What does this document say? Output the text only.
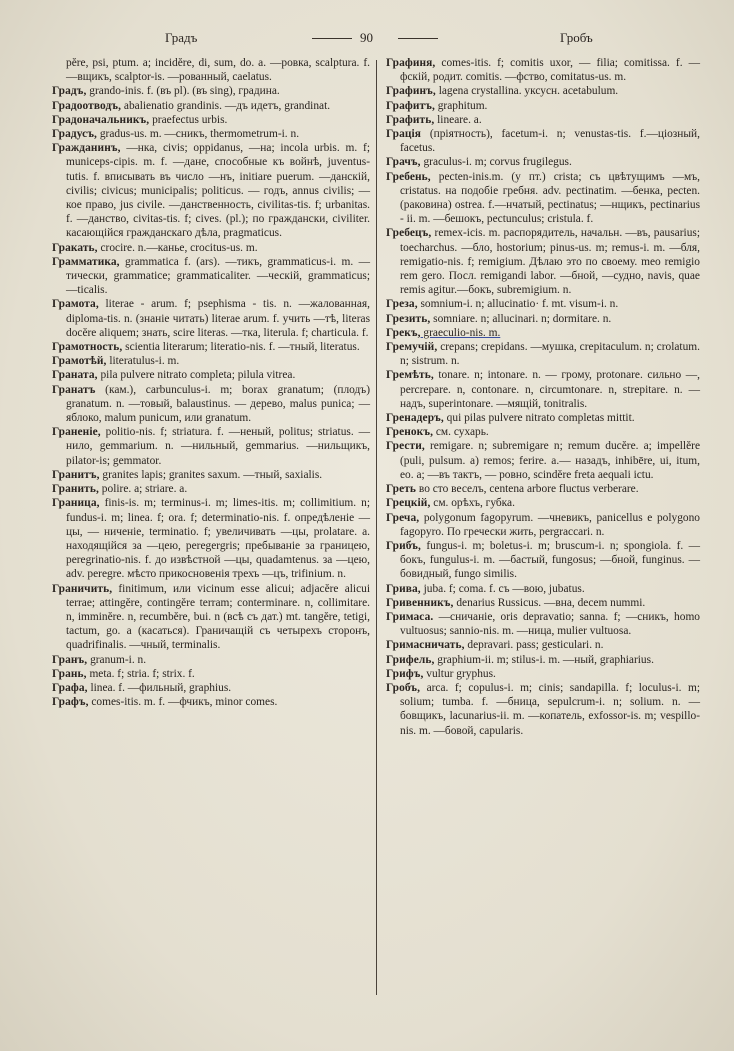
Градъ	90	Гробъ

pĕre, psi, ptum. a; incidĕre, di, sum, do. a. —ровка, scalptura. f. —вщикъ, scalptor-is. —рованный, caelatus.

Градъ, grando-inis. f. (въ pl). (въ sing), градина.

Градоотводъ, abalienatio grandinis. —дъ идетъ, grandinat.

Градоначальникъ, praefectus urbis.

Градусъ, gradus-us. m. —сникъ, thermometrum-i. n.

Гражданинъ, —нка, civis; oppidanus, —на; incola urbis. m. f; municeps-cipis. m. f. —дане, способные къ войнѣ, juventus-tutis. f. вписывать въ число —нъ, initiare puerum. —данскій, civilis; civicus; municipalis; politicus. — годъ, annus civilis; —кое право, jus civile. —данственность, civilitas-tis. f; urbanitas. f. —данство, civitas-tis. f; cives. (pl.); по граждански, civiliter. касающійся гражданскаго дѣла, pragmaticus.

Гракать, crocire. n.—канье, crocitus-us. m.

Грамматика, grammatica f. (ars). —тикъ, grammaticus-i. m. —тически, grammatice; grammaticaliter. —ческій, grammaticus; —ticalis.

Грамота, literae - arum. f; psephisma - tis. n. —жалованная, diploma-tis. n. (знаніе читать) literae arum. f. учить —тѣ, literas docĕre aliquem; знать, scire literas. —тка, literula. f; charticula. f.

Грамотность, scientia literarum; literatio-nis. f. —тный, literatus.

Грамотѣй, literatulus-i. m.

Граната, pila pulvere nitrato completa; pilula vitrea.

Гранатъ (кам.), carbunculus-i. m; borax granatum; (плодъ) granatum. n. —товый, balaustinus. — дерево, malus punica; — яблоко, malum punicum, или granatum.

Граненіе, politio-nis. f; striatura. f. —неный, politus; striatus. —нило, gemmarium. n. —нильный, gemmarius. —нильщикъ, pilator-is; gemmator.

Гранитъ, granites lapis; granites saxum. —тный, saxialis.

Гранить, polire. a; striare. a.

Граница, finis-is. m; terminus-i. m; limes-itis. m; collimitium. n; fundus-i. m; linea. f; ora. f; determinatio-nis. f. опредѣленіе —цы, — ниченіе, terminatio. f; увеличивать —цы, prolatare. a. находящійся за —цею, peregergris; пребываніе за границею, peregrinatio-nis. f. до извѣстной —цы, quadamtenus. за —цею, adv. peregre. мѣсто прикосновенія трехъ —цъ, trifinium. n.

Граничить, finitimum, или vicinum esse alicui; adjacĕre alicui terrae; attingĕre, contingĕre terram; conterminare. n, collimitare. n, imminĕre. n, recumbĕre, bui. n (всѣ съ дат.) mt. tangĕre, tetigi, tactum, go. a (касаться). Граничащій съ четырехъ сторонъ, quadrifinalis. —чный, terminalis.

Гранъ, granum-i. n.

Грань, meta. f; stria. f; strix. f.

Графа, linea. f. —фильный, graphius.

Графъ, comes-itis. m. f. —фчикъ, minor comes.

Графиня, comes-itis. f; comitis uxor, — filia; comitissa. f. —фскій, родит. comitis. —фство, comitatus-us. m.

Графинъ, lagena crystallina. уксусн. acetabulum.

Графитъ, graphitum.

Графить, lineare. a.

Грація (пріятность), facetum-i. n; venustas-tis. f.—ціозный, facetus.

Грачъ, graculus-i. m; corvus frugilegus.

Гребень, pecten-inis.m. (у пт.) crista; съ цвѣтущимъ —мъ, cristatus. на подобіе гребня. adv. pectinatim. —бенка, pecten. (раковина) ostrea. f.—нчатый, pectinatus; —нщикъ, pectinarius - ii. m. —бешокъ, pectunculus; cristula. f.

Гребецъ, remex-icis. m. распорядитель, начальн. —въ, pausarius; toecharchus. —бло, hostorium; pinus-us. m; remus-i. m. —бля, remigatio-nis. f; remigium. Дѣлаю это по своему. meo remigio rem gero. Посл. remigandi labor. —бной, —судно, navis, quae remis agitur.—бокъ, subremigium. n.

Греза, somnium-i. n; allucinatio· f. mt. visum-i. n.

Грезить, somniare. n; allucinari. n; dormitare. n.

Грекъ, graeculio-nis. m.

Гремучій, crepans; crepidans. —мушка, crepitaculum. n; crolatum. n; sistrum. n.

Гремѣть, tonare. n; intonare. n. — грому, protonare. сильно —, percrepare. n, contonare. n, circumtonare. n, strepitare. n. — надъ, superintonare. —мящій, tonitralis.

Гренадеръ, qui pilas pulvere nitrato completas mittit.

Гренокъ, см. сухарь.

Грести, remigare. n; subremigare n; remum ducĕre. a; impellĕre (puli, pulsum. a) remos; ferire. a.— назадъ, inhibēre, ui, itum, eo. a; —въ тактъ, — ровно, scindĕre freta aequali ictu.

Греть во сто веселъ, centena arbore fluctus verberare.

Грецкій, см. орѣхъ, губка.

Греча, polygonum fagopyrum. —чневикъ, panicellus e polygono fagopyro. По гречески жить, pergraccari. n.

Грибъ, fungus-i. m; boletus-i. m; bruscum-i. n; spongiola. f. — бокъ, fungulus-i. m. —бастый, fungosus; —бной, funginus. —бовидный, fungo similis.

Грива, juba. f; coma. f. съ —вою, jubatus.

Гривенникъ, denarius Russicus. —вна, decem nummi.

Гримаса. —сничаніе, oris depravatio; sanna. f; —сникъ, homo vultuosus; sannio-nis. m. —ница, mulier vultuosa.

Гримасничать, depravari. pass; gesticulari. n.

Грифель, graphium-ii. m; stilus-i. m. —ный, graphiarius.

Грифъ, vultur gryphus.

Гробъ, arca. f; copulus-i. m; cinis; sandapilla. f; loculus-i. m; solium; tumba. f. —бница, sepulcrum-i. n; solium. n. —бовщикъ, lacunarius-ii. m. —копатель, exfossor-is. m; vespillo-nis. m. —бовой, capularis.
